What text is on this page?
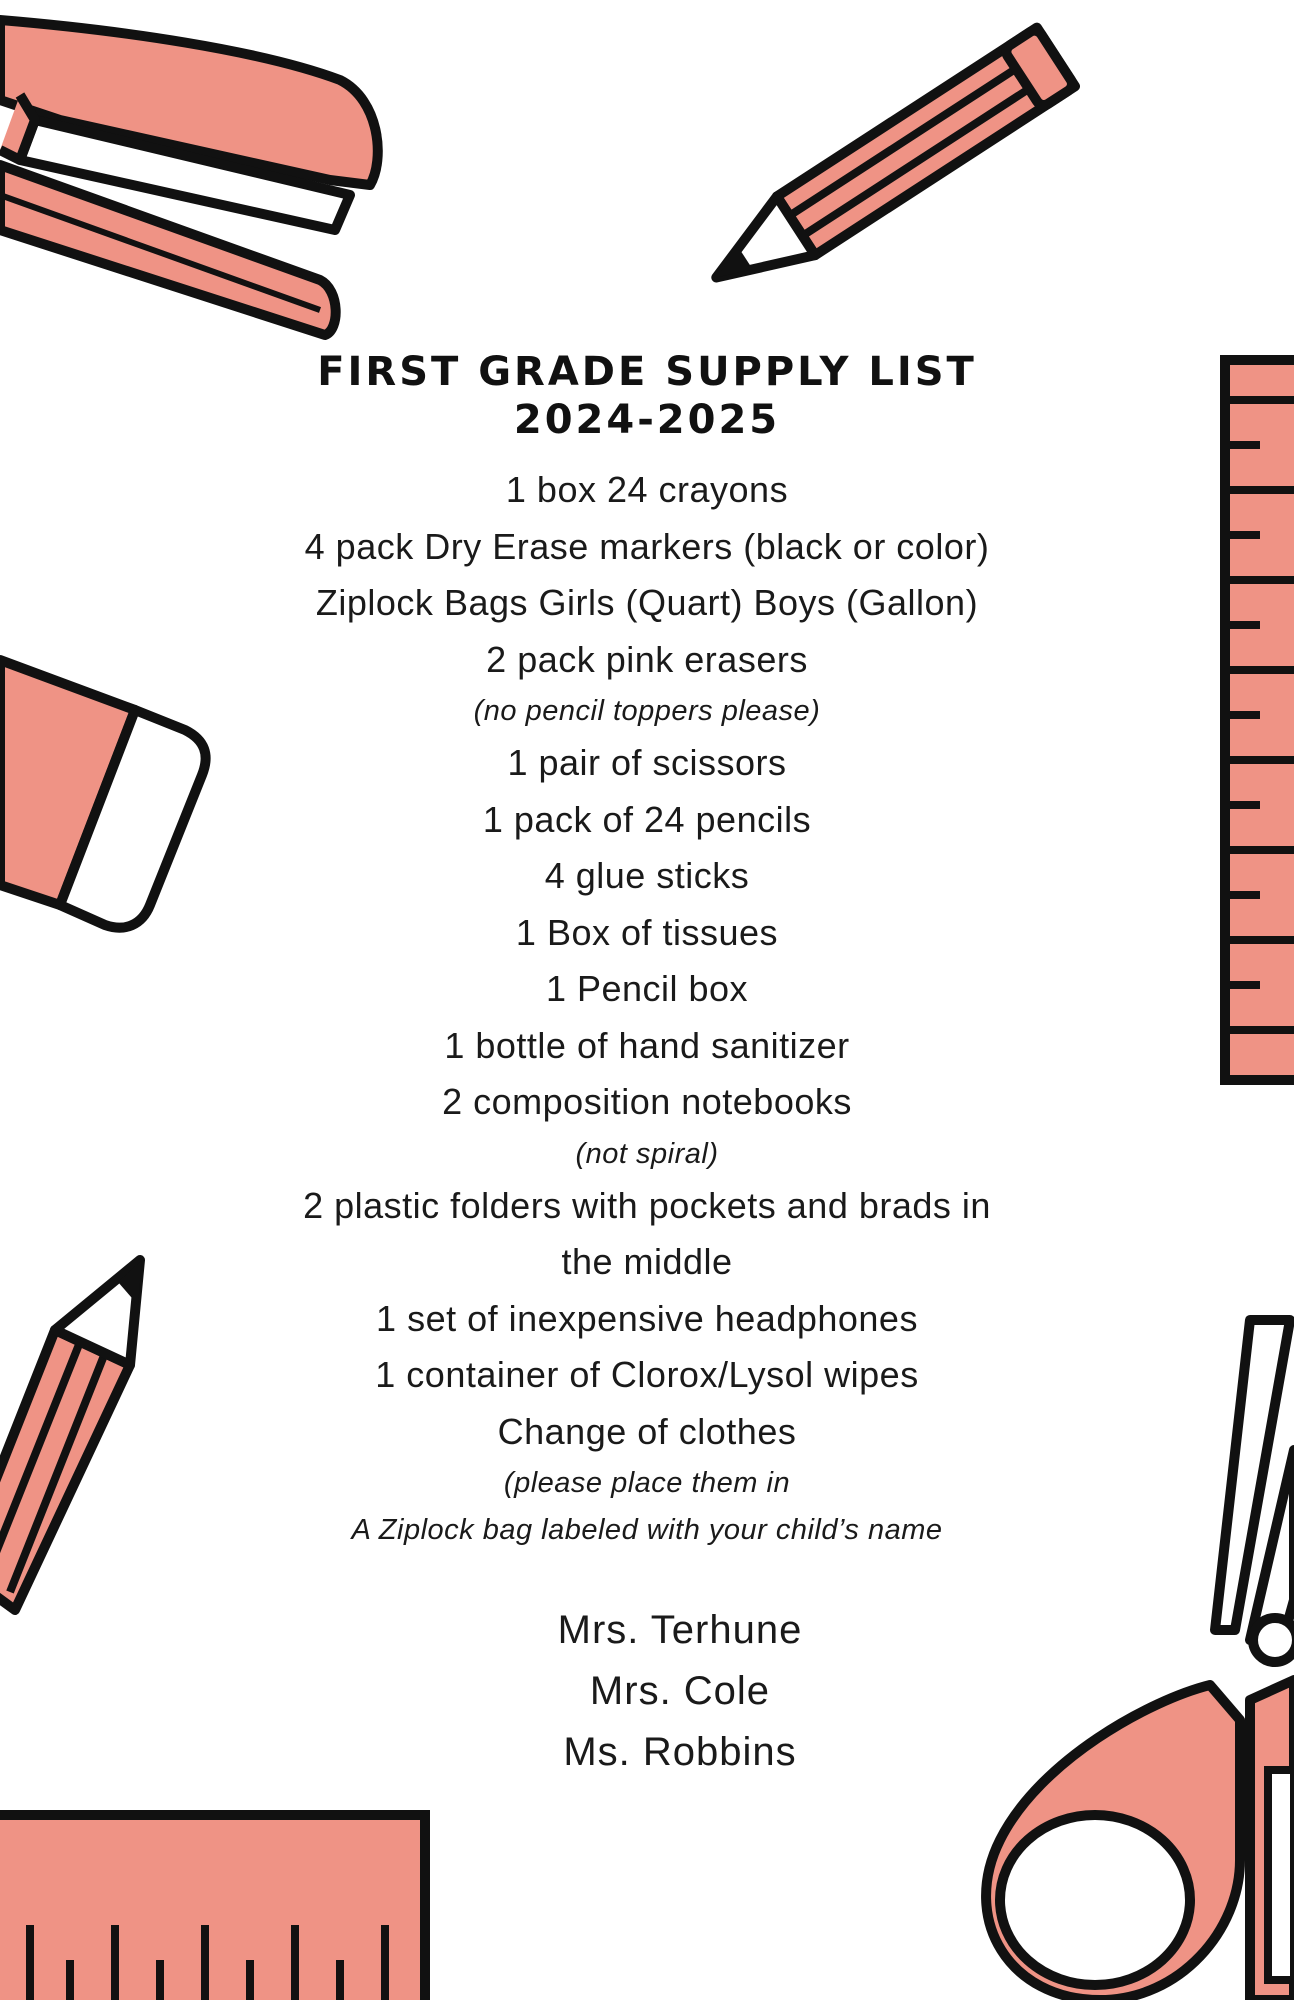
FIRST GRADE SUPPLY LIST
2024-2025
1 box 24 crayons
4 pack Dry Erase markers (black or color)
Ziplock Bags Girls (Quart) Boys (Gallon)
2 pack pink erasers
(no pencil toppers please)
1 pair of scissors
1 pack of 24 pencils
4 glue sticks
1 Box of tissues
1 Pencil box
1 bottle of hand sanitizer
2 composition notebooks
(not spiral)
2 plastic folders with pockets and brads in
the middle
1 set of inexpensive headphones
1 container of Clorox/Lysol wipes
Change of clothes
(please place them in
A Ziplock bag labeled with your child’s name
Mrs. Terhune
Mrs. Cole
Ms. Robbins
